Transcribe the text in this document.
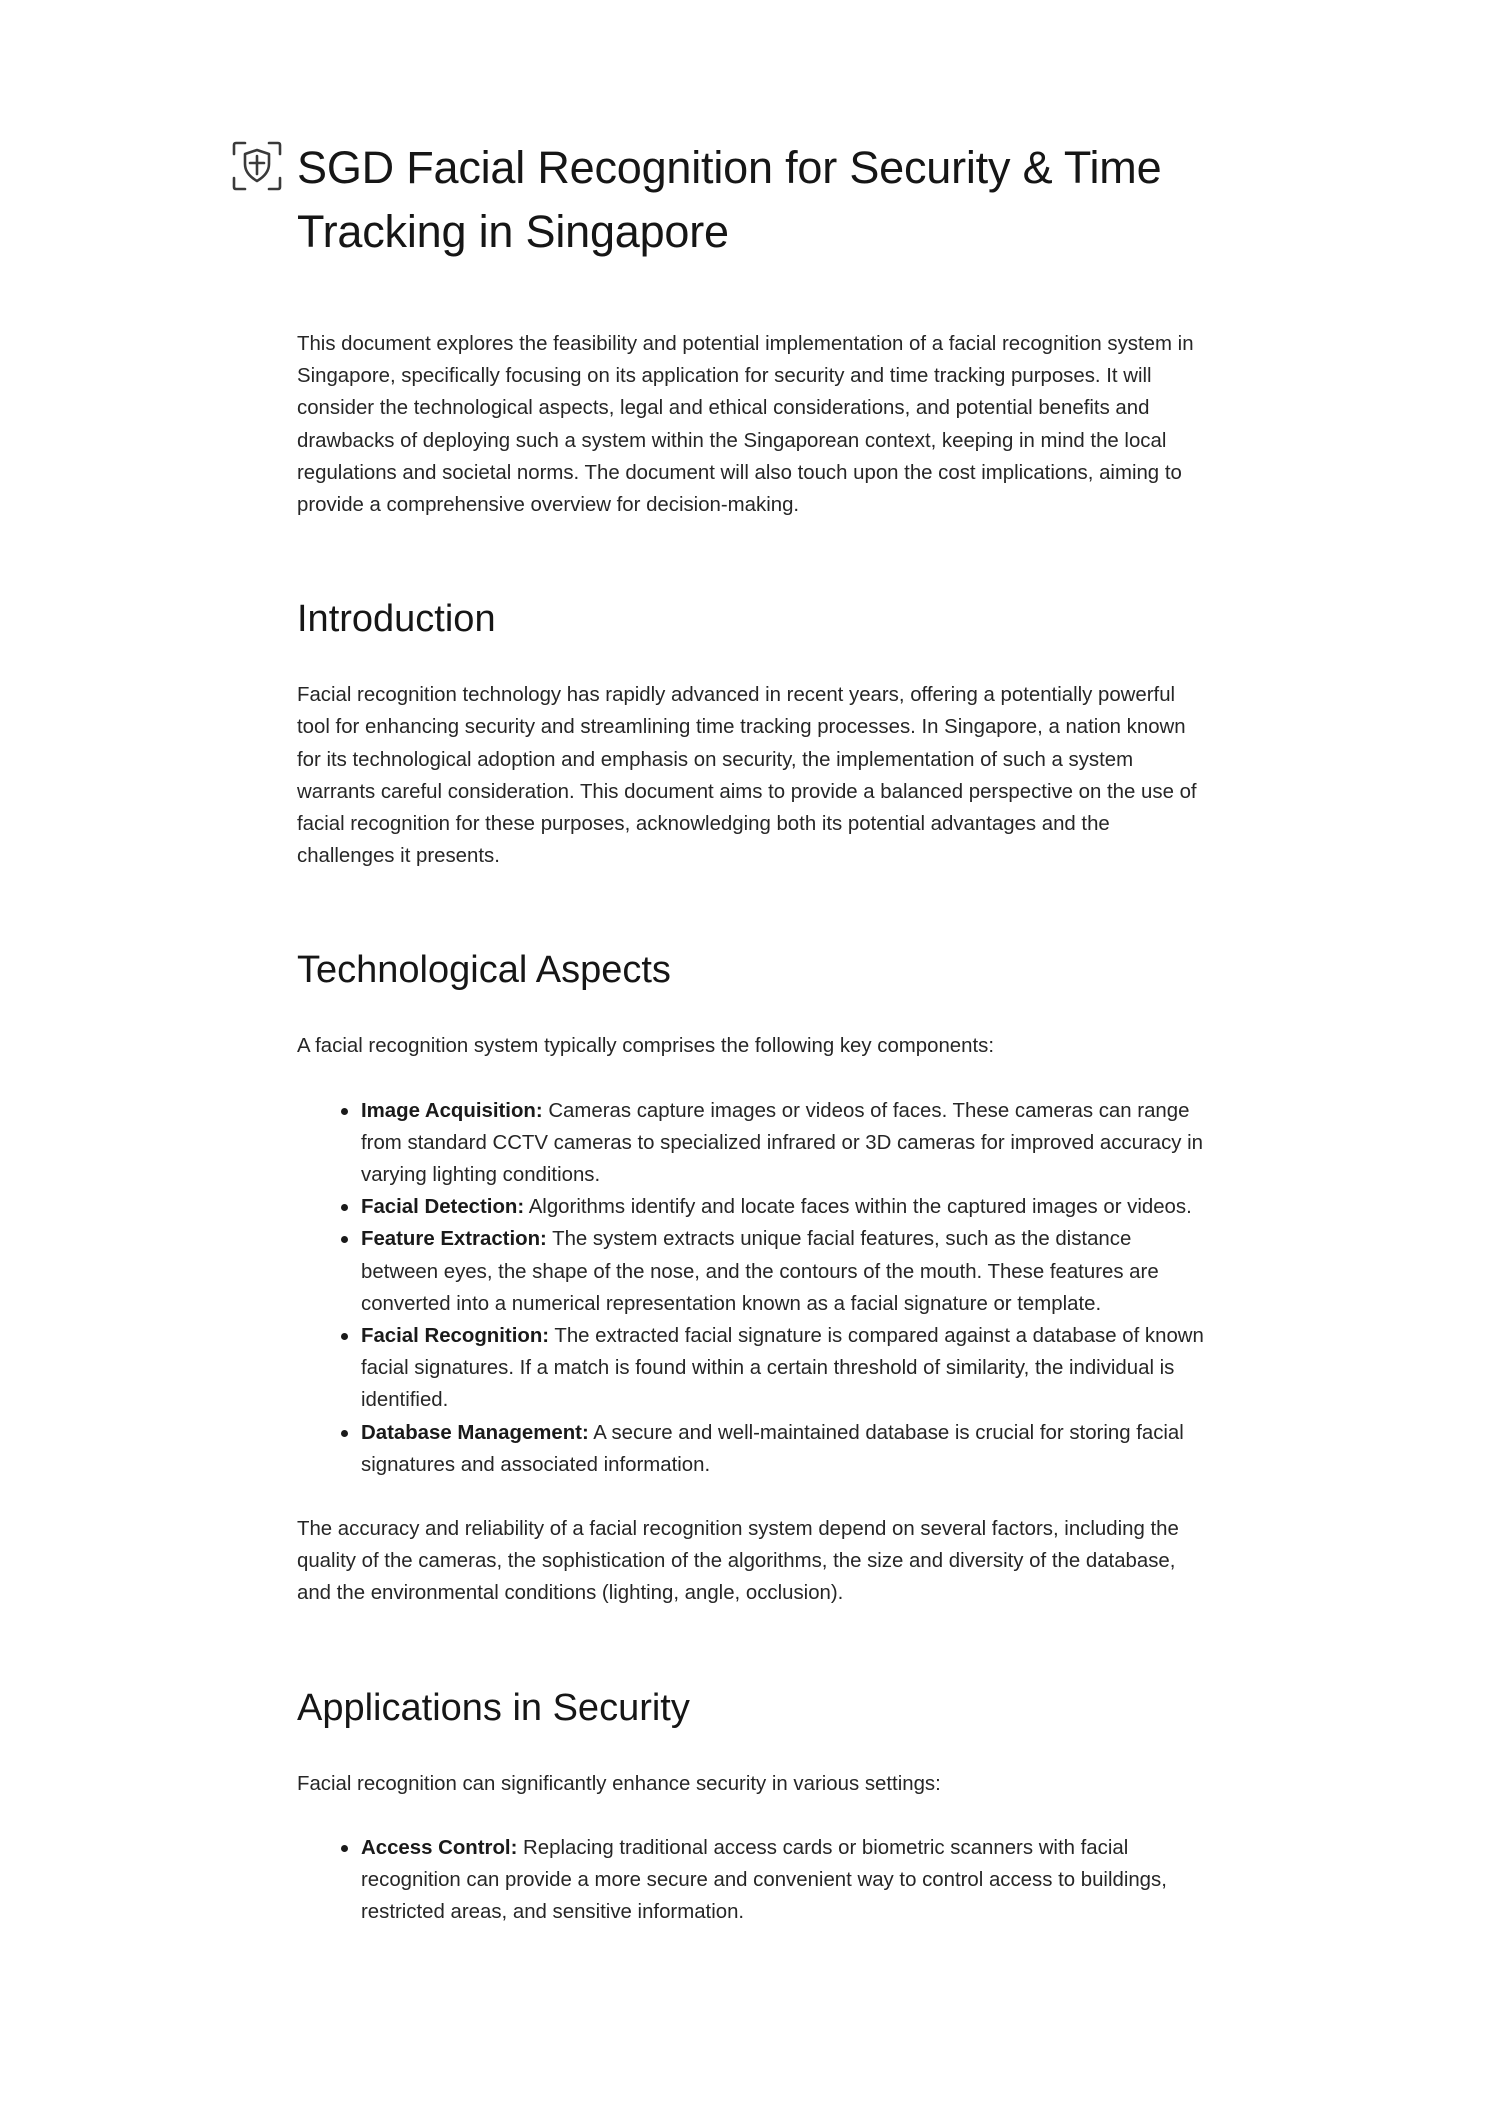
SGD Facial Recognition for Security & Time Tracking in Singapore

This document explores the feasibility and potential implementation of a facial recognition system in Singapore, specifically focusing on its application for security and time tracking purposes. It will consider the technological aspects, legal and ethical considerations, and potential benefits and drawbacks of deploying such a system within the Singaporean context, keeping in mind the local regulations and societal norms. The document will also touch upon the cost implications, aiming to provide a comprehensive overview for decision-making.

Introduction

Facial recognition technology has rapidly advanced in recent years, offering a potentially powerful tool for enhancing security and streamlining time tracking processes. In Singapore, a nation known for its technological adoption and emphasis on security, the implementation of such a system warrants careful consideration. This document aims to provide a balanced perspective on the use of facial recognition for these purposes, acknowledging both its potential advantages and the challenges it presents.

Technological Aspects

A facial recognition system typically comprises the following key components:

Image Acquisition: Cameras capture images or videos of faces. These cameras can range from standard CCTV cameras to specialized infrared or 3D cameras for improved accuracy in varying lighting conditions.
Facial Detection: Algorithms identify and locate faces within the captured images or videos.
Feature Extraction: The system extracts unique facial features, such as the distance between eyes, the shape of the nose, and the contours of the mouth. These features are converted into a numerical representation known as a facial signature or template.
Facial Recognition: The extracted facial signature is compared against a database of known facial signatures. If a match is found within a certain threshold of similarity, the individual is identified.
Database Management: A secure and well-maintained database is crucial for storing facial signatures and associated information.

The accuracy and reliability of a facial recognition system depend on several factors, including the quality of the cameras, the sophistication of the algorithms, the size and diversity of the database, and the environmental conditions (lighting, angle, occlusion).

Applications in Security

Facial recognition can significantly enhance security in various settings:

Access Control: Replacing traditional access cards or biometric scanners with facial recognition can provide a more secure and convenient way to control access to buildings, restricted areas, and sensitive information.
